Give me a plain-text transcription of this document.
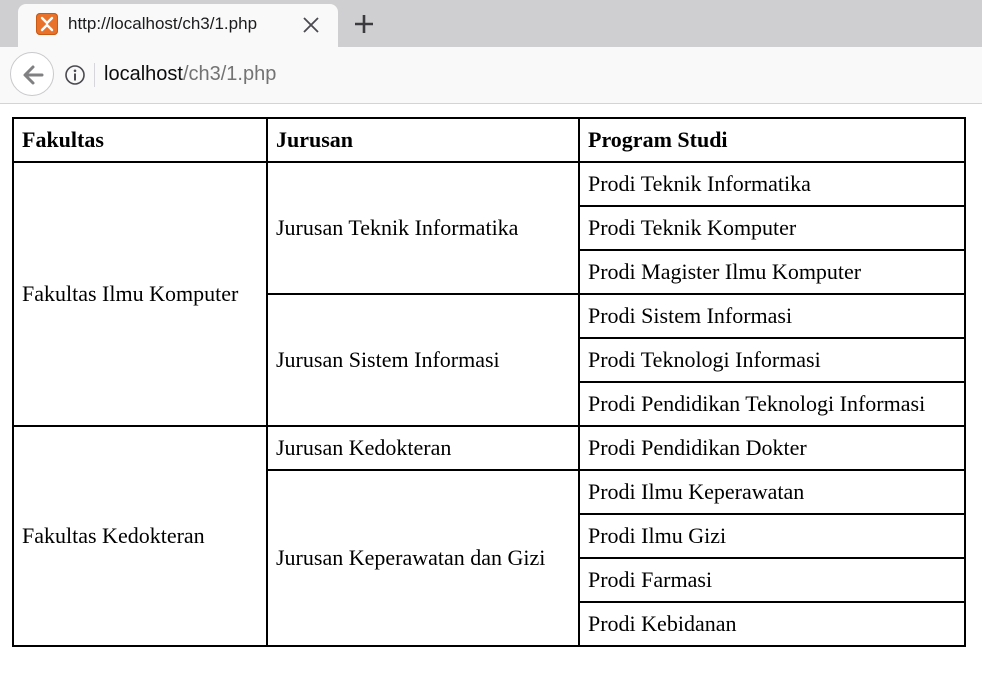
http://localhost/ch3/1.php
localhost/ch3/1.php
Fakultas	Jurusan	Program Studi
Fakultas Ilmu Komputer	Jurusan Teknik Informatika	Prodi Teknik Informatika
		Prodi Teknik Komputer
		Prodi Magister Ilmu Komputer
	Jurusan Sistem Informasi	Prodi Sistem Informasi
		Prodi Teknologi Informasi
		Prodi Pendidikan Teknologi Informasi
Fakultas Kedokteran	Jurusan Kedokteran	Prodi Pendidikan Dokter
	Jurusan Keperawatan dan Gizi	Prodi Ilmu Keperawatan
		Prodi Ilmu Gizi
		Prodi Farmasi
		Prodi Kebidanan
